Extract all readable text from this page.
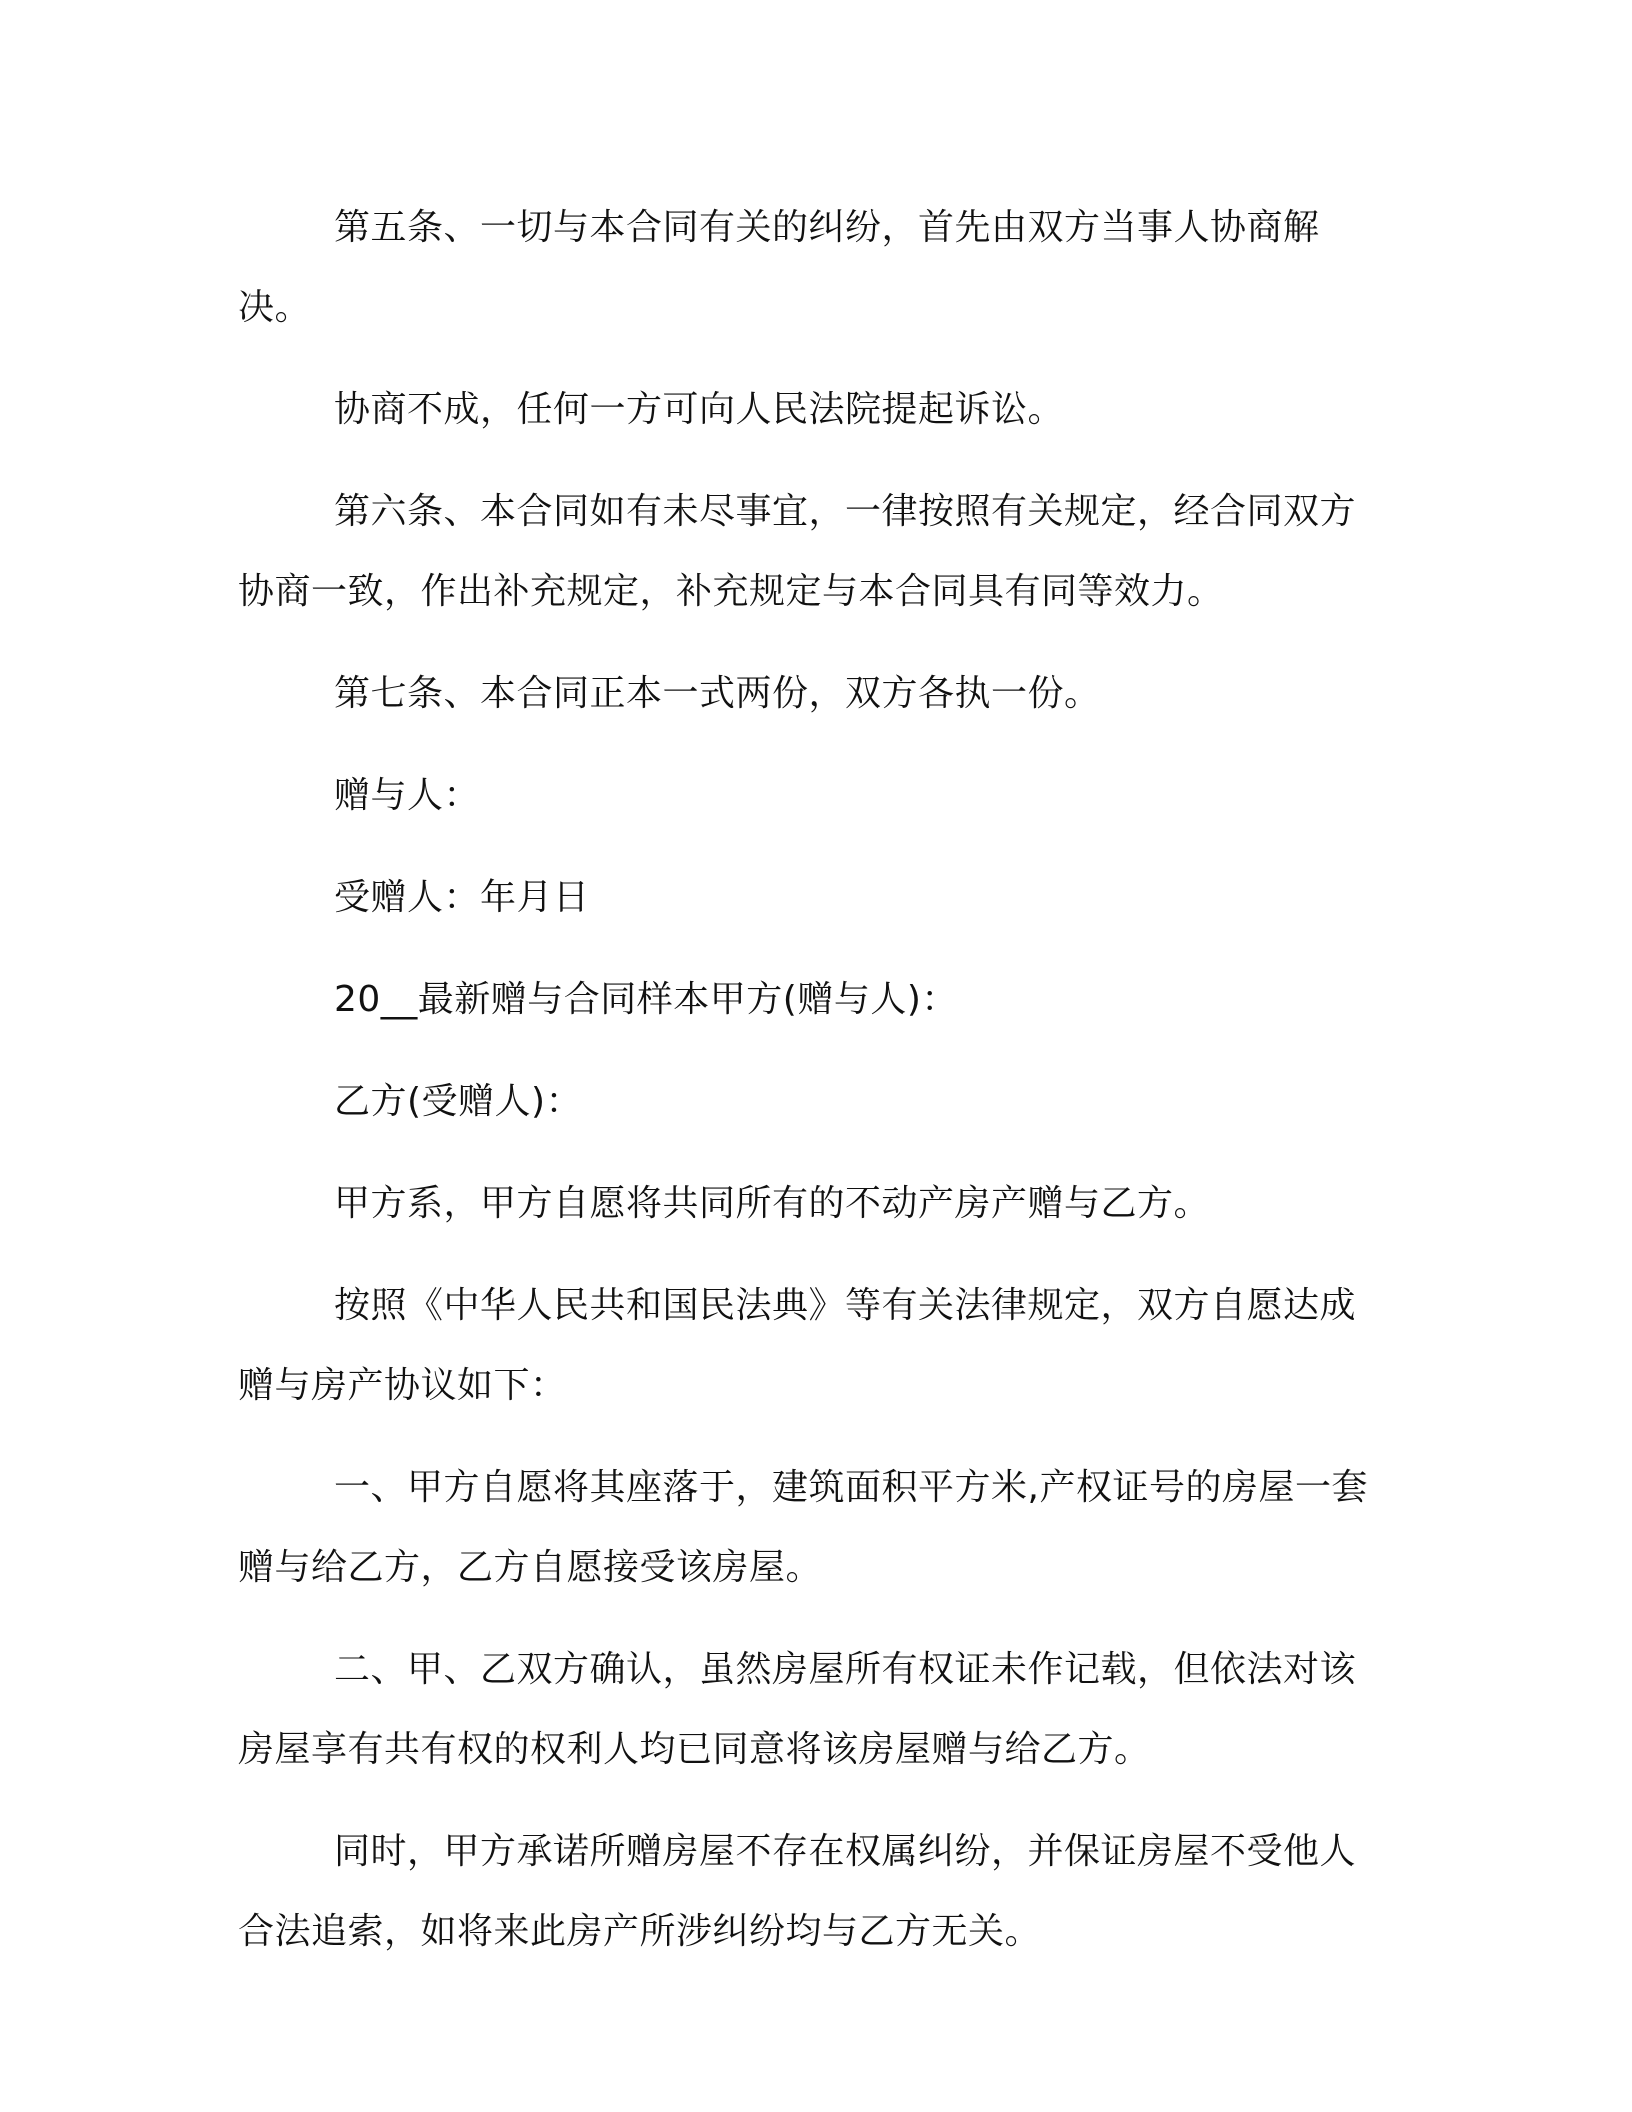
第五条、一切与本合同有关的纠纷，首先由双方当事人协商解决。

协商不成，任何一方可向人民法院提起诉讼。

第六条、本合同如有未尽事宜，一律按照有关规定，经合同双方协商一致，作出补充规定，补充规定与本合同具有同等效力。

第七条、本合同正本一式两份，双方各执一份。

赠与人：

受赠人：年月日

20__最新赠与合同样本甲方(赠与人)：

乙方(受赠人)：

甲方系，甲方自愿将共同所有的不动产房产赠与乙方。

按照《中华人民共和国民法典》等有关法律规定，双方自愿达成赠与房产协议如下：

一、甲方自愿将其座落于，建筑面积平方米,产权证号的房屋一套赠与给乙方，乙方自愿接受该房屋。

二、甲、乙双方确认，虽然房屋所有权证未作记载，但依法对该房屋享有共有权的权利人均已同意将该房屋赠与给乙方。

同时，甲方承诺所赠房屋不存在权属纠纷，并保证房屋不受他人合法追索，如将来此房产所涉纠纷均与乙方无关。
